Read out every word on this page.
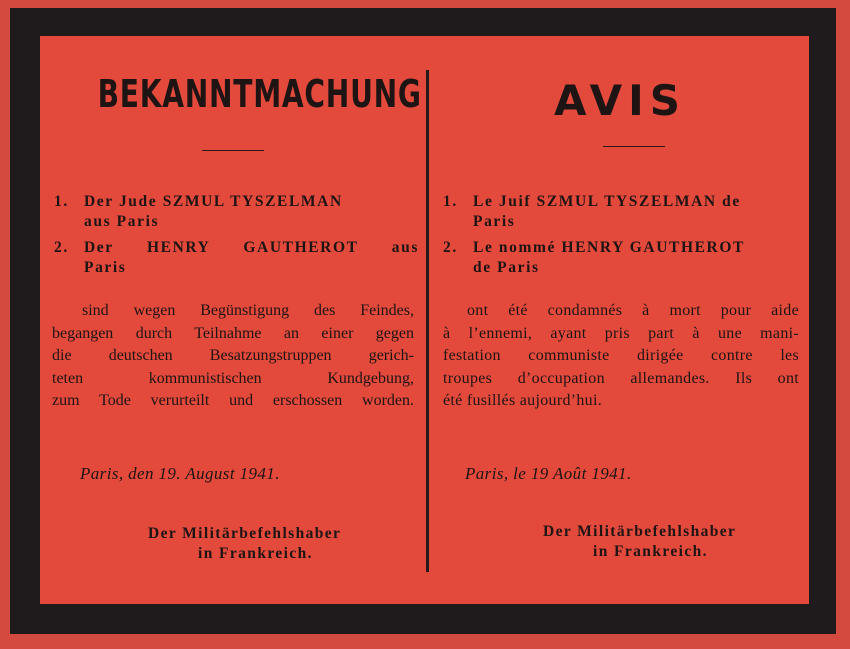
BEKANNTMACHUNG
1. Der Jude SZMUL TYSZELMAN
aus Paris
2. Der HENRY GAUTHEROT aus
Paris
sind wegen Begünstigung des Feindes,
begangen durch Teilnahme an einer gegen
die deutschen Besatzungstruppen gerich-
teten kommunistischen Kundgebung,
zum Tode verurteilt und erschossen worden.
Paris, den 19. August 1941.
Der Militärbefehlshaber
in Frankreich.
AVIS
1. Le Juif SZMUL TYSZELMAN de
Paris
2. Le nommé HENRY GAUTHEROT
de Paris
ont été condamnés à mort pour aide
à l’ennemi, ayant pris part à une mani-
festation communiste dirigée contre les
troupes d’occupation allemandes. Ils ont
été fusillés aujourd’hui.
Paris, le 19 Août 1941.
Der Militärbefehlshaber
in Frankreich.
